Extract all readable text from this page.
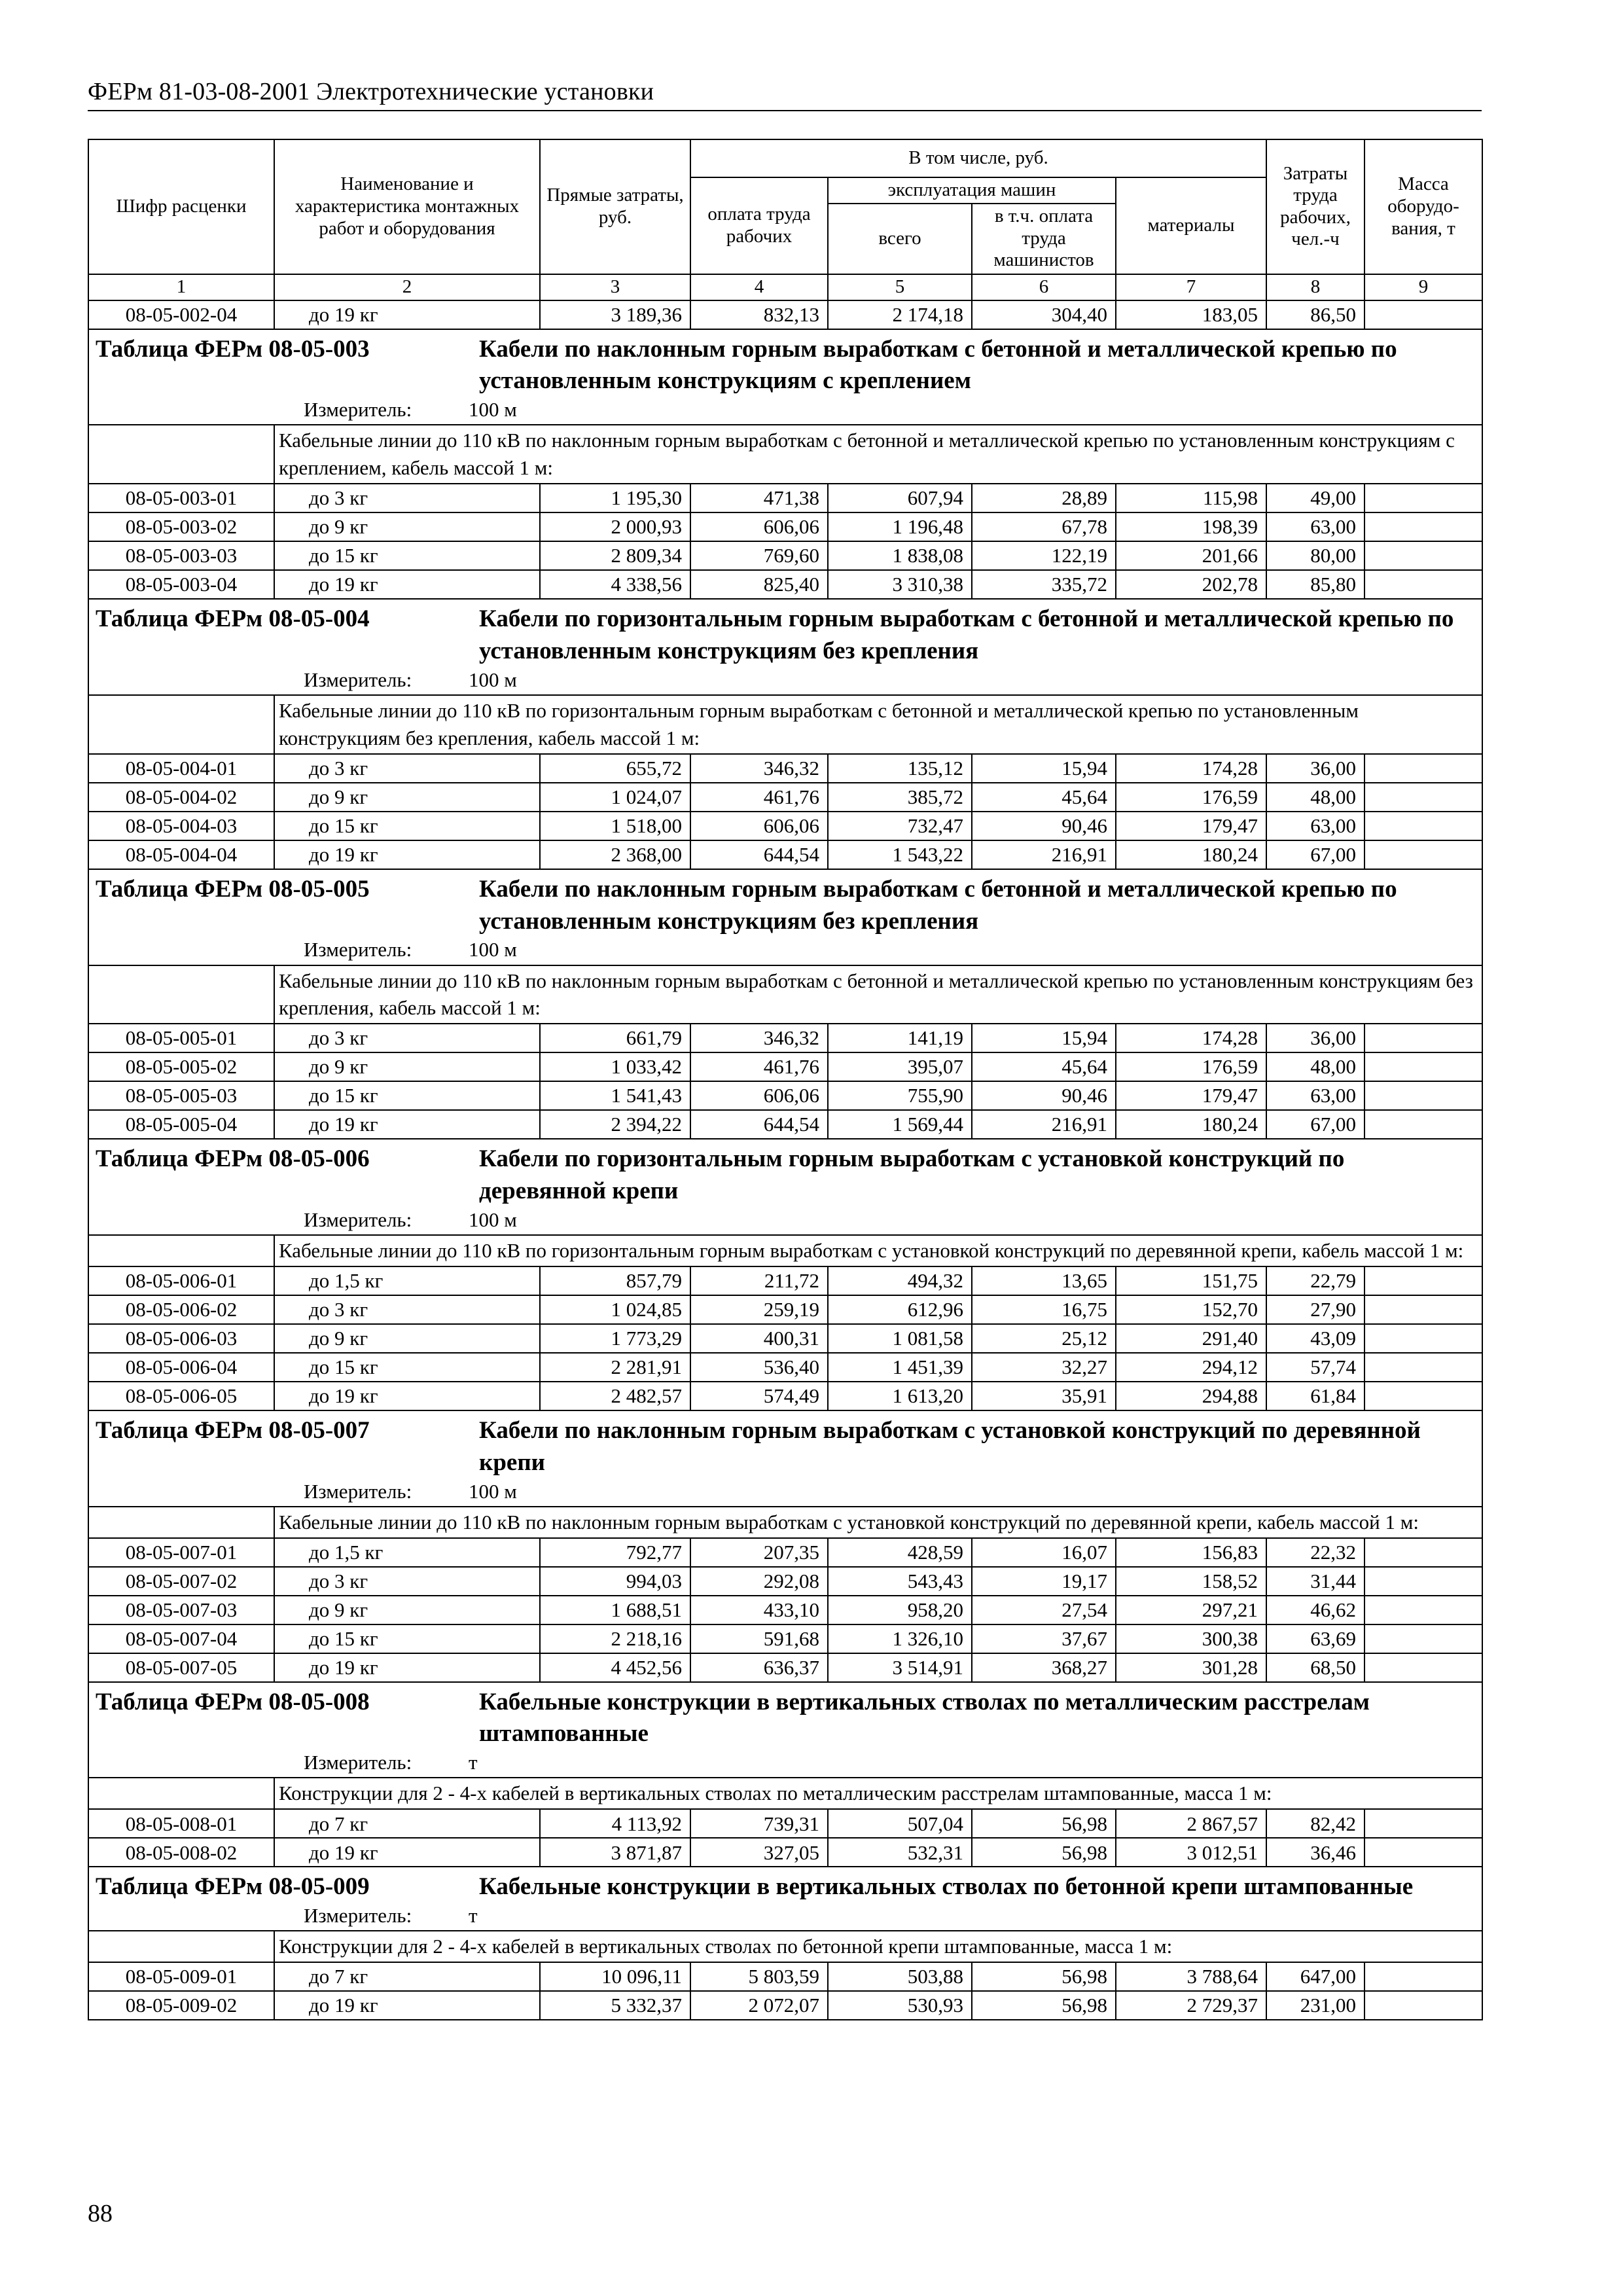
ФЕРм 81-03-08-2001 Электротехнические установки
Шифр расценки	Наименование и характеристика монтажных работ и оборудования	Прямые затраты, руб.	В том числе, руб.				Затраты труда рабочих, чел.-ч	Масса оборудо-вания, т
			оплата труда рабочих	эксплуатация машин		материалы		
				всего	в т.ч. оплата труда машинистов			
1	2	3	4	5	6	7	8	9
08-05-002-04	до 19 кг	3 189,36	832,13	2 174,18	304,40	183,05	86,50	
Таблица ФЕРм 08-05-003 Кабели по наклонным горным выработкам с бетонной и металлической крепью по установленным конструкциям с креплением
Измеритель: 100 м								

	Кабельные линии до 110 кВ по наклонным горным выработкам с бетонной и металлической крепью по установленным конструкциям с креплением, кабель массой 1 м:							
08-05-003-01	до 3 кг	1 195,30	471,38	607,94	28,89	115,98	49,00	
08-05-003-02	до 9 кг	2 000,93	606,06	1 196,48	67,78	198,39	63,00	
08-05-003-03	до 15 кг	2 809,34	769,60	1 838,08	122,19	201,66	80,00	
08-05-003-04	до 19 кг	4 338,56	825,40	3 310,38	335,72	202,78	85,80	
Таблица ФЕРм 08-05-004 Кабели по горизонтальным горным выработкам с бетонной и металлической крепью по установленным конструкциям без крепления
Измеритель: 100 м								

	Кабельные линии до 110 кВ по горизонтальным горным выработкам с бетонной и металлической крепью по установленным конструкциям без крепления, кабель массой 1 м:							
08-05-004-01	до 3 кг	655,72	346,32	135,12	15,94	174,28	36,00	
08-05-004-02	до 9 кг	1 024,07	461,76	385,72	45,64	176,59	48,00	
08-05-004-03	до 15 кг	1 518,00	606,06	732,47	90,46	179,47	63,00	
08-05-004-04	до 19 кг	2 368,00	644,54	1 543,22	216,91	180,24	67,00	
Таблица ФЕРм 08-05-005 Кабели по наклонным горным выработкам с бетонной и металлической крепью по установленным конструкциям без крепления
Измеритель: 100 м								

	Кабельные линии до 110 кВ по наклонным горным выработкам с бетонной и металлической крепью по установленным конструкциям без крепления, кабель массой 1 м:							
08-05-005-01	до 3 кг	661,79	346,32	141,19	15,94	174,28	36,00	
08-05-005-02	до 9 кг	1 033,42	461,76	395,07	45,64	176,59	48,00	
08-05-005-03	до 15 кг	1 541,43	606,06	755,90	90,46	179,47	63,00	
08-05-005-04	до 19 кг	2 394,22	644,54	1 569,44	216,91	180,24	67,00	
Таблица ФЕРм 08-05-006 Кабели по горизонтальным горным выработкам с установкой конструкций по деревянной крепи
Измеритель: 100 м								

	Кабельные линии до 110 кВ по горизонтальным горным выработкам с установкой конструкций по деревянной крепи, кабель массой 1 м:							
08-05-006-01	до 1,5 кг	857,79	211,72	494,32	13,65	151,75	22,79	
08-05-006-02	до 3 кг	1 024,85	259,19	612,96	16,75	152,70	27,90	
08-05-006-03	до 9 кг	1 773,29	400,31	1 081,58	25,12	291,40	43,09	
08-05-006-04	до 15 кг	2 281,91	536,40	1 451,39	32,27	294,12	57,74	
08-05-006-05	до 19 кг	2 482,57	574,49	1 613,20	35,91	294,88	61,84	
Таблица ФЕРм 08-05-007 Кабели по наклонным горным выработкам с установкой конструкций по деревянной крепи
Измеритель: 100 м								

	Кабельные линии до 110 кВ по наклонным горным выработкам с установкой конструкций по деревянной крепи, кабель массой 1 м:							
08-05-007-01	до 1,5 кг	792,77	207,35	428,59	16,07	156,83	22,32	
08-05-007-02	до 3 кг	994,03	292,08	543,43	19,17	158,52	31,44	
08-05-007-03	до 9 кг	1 688,51	433,10	958,20	27,54	297,21	46,62	
08-05-007-04	до 15 кг	2 218,16	591,68	1 326,10	37,67	300,38	63,69	
08-05-007-05	до 19 кг	4 452,56	636,37	3 514,91	368,27	301,28	68,50	
Таблица ФЕРм 08-05-008 Кабельные конструкции в вертикальных стволах по металлическим расстрелам штампованные
Измеритель: т								

	Конструкции для 2 - 4-х кабелей в вертикальных стволах по металлическим расстрелам штампованные, масса 1 м:							
08-05-008-01	до 7 кг	4 113,92	739,31	507,04	56,98	2 867,57	82,42	
08-05-008-02	до 19 кг	3 871,87	327,05	532,31	56,98	3 012,51	36,46	
Таблица ФЕРм 08-05-009 Кабельные конструкции в вертикальных стволах по бетонной крепи штампованные
Измеритель: т								

	Конструкции для 2 - 4-х кабелей в вертикальных стволах по бетонной крепи штампованные, масса 1 м:							
08-05-009-01	до 7 кг	10 096,11	5 803,59	503,88	56,98	3 788,64	647,00	
08-05-009-02	до 19 кг	5 332,37	2 072,07	530,93	56,98	2 729,37	231,00	
88
